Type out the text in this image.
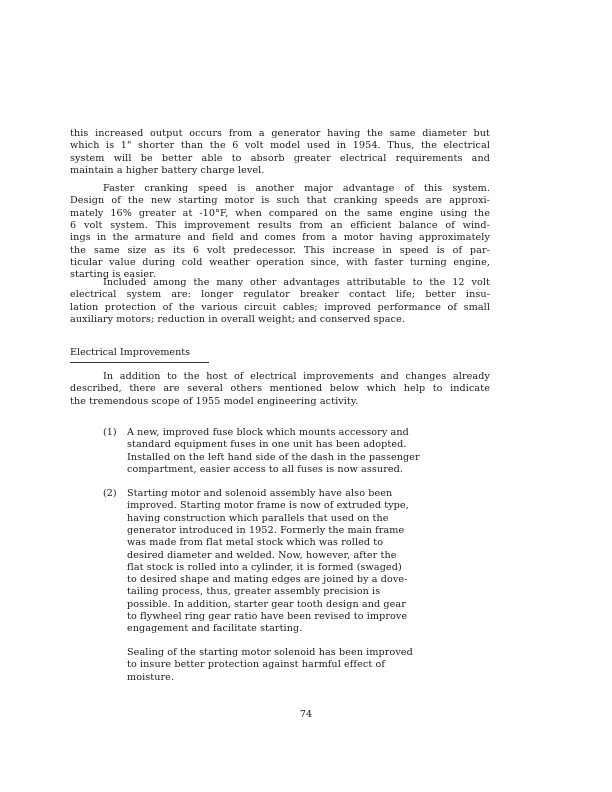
this increased output occurs from a generator having the same diameter but
which is 1" shorter than the 6 volt model used in 1954. Thus, the electrical
system will be better able to absorb greater electrical requirements and
maintain a higher battery charge level.
Faster cranking speed is another major advantage of this system.
Design of the new starting motor is such that cranking speeds are approxi-
mately 16% greater at -10°F, when compared on the same engine using the
6 volt system. This improvement results from an efficient balance of wind-
ings in the armature and field and comes from a motor having approximately
the same size as its 6 volt predecessor. This increase in speed is of par-
ticular value during cold weather operation since, with faster turning engine,
starting is easier.
Included among the many other advantages attributable to the 12 volt
electrical system are: longer regulator breaker contact life; better insu-
lation protection of the various circuit cables; improved performance of small
auxiliary motors; reduction in overall weight; and conserved space.
In addition to the host of electrical improvements and changes already
described, there are several others mentioned below which help to indicate
the tremendous scope of 1955 model engineering activity.
(1) A new, improved fuse block which mounts accessory and
standard equipment fuses in one unit has been adopted.
Installed on the left hand side of the dash in the passenger
compartment, easier access to all fuses is now assured.
(2) Starting motor and solenoid assembly have also been
improved. Starting motor frame is now of extruded type,
having construction which parallels that used on the
generator introduced in 1952. Formerly the main frame
was made from flat metal stock which was rolled to
desired diameter and welded. Now, however, after the
flat stock is rolled into a cylinder, it is formed (swaged)
to desired shape and mating edges are joined by a dove-
tailing process, thus, greater assembly precision is
possible. In addition, starter gear tooth design and gear
to flywheel ring gear ratio have been revised to improve
engagement and facilitate starting.
Sealing of the starting motor solenoid has been improved
to insure better protection against harmful effect of
moisture.
Electrical Improvements
74
